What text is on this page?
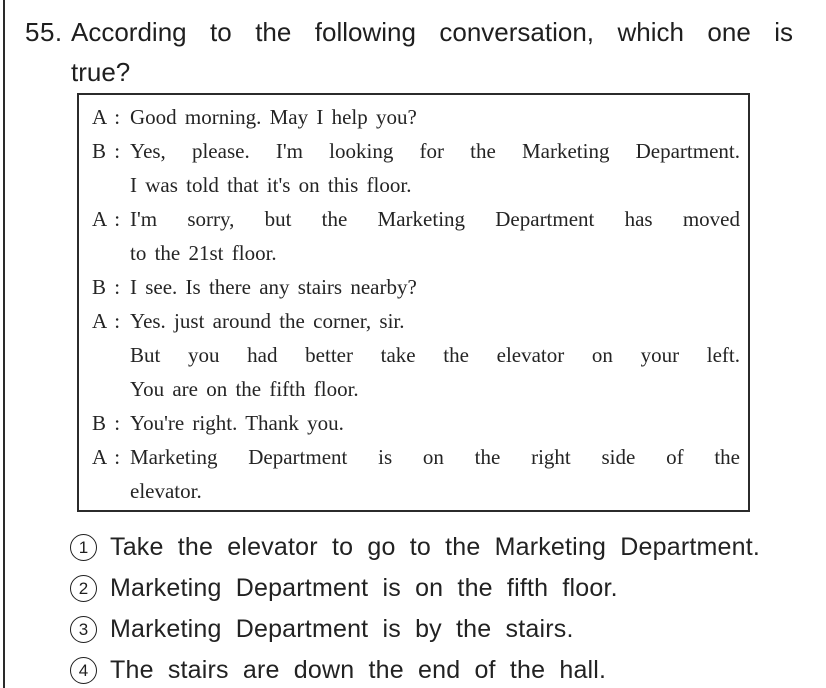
55. According to the following conversation, which one is
true?
A : Good morning. May I help you?
B : Yes, please. I'm looking for the Marketing Department.
I was told that it's on this floor.
A : I'm sorry, but the Marketing Department has moved
to the 21st floor.
B : I see. Is there any stairs nearby?
A : Yes. just around the corner, sir.
But you had better take the elevator on your left.
You are on the fifth floor.
B : You're right. Thank you.
A : Marketing Department is on the right side of the
elevator.
1 Take the elevator to go to the Marketing Department.
2 Marketing Department is on the fifth floor.
3 Marketing Department is by the stairs.
4 The stairs are down the end of the hall.
